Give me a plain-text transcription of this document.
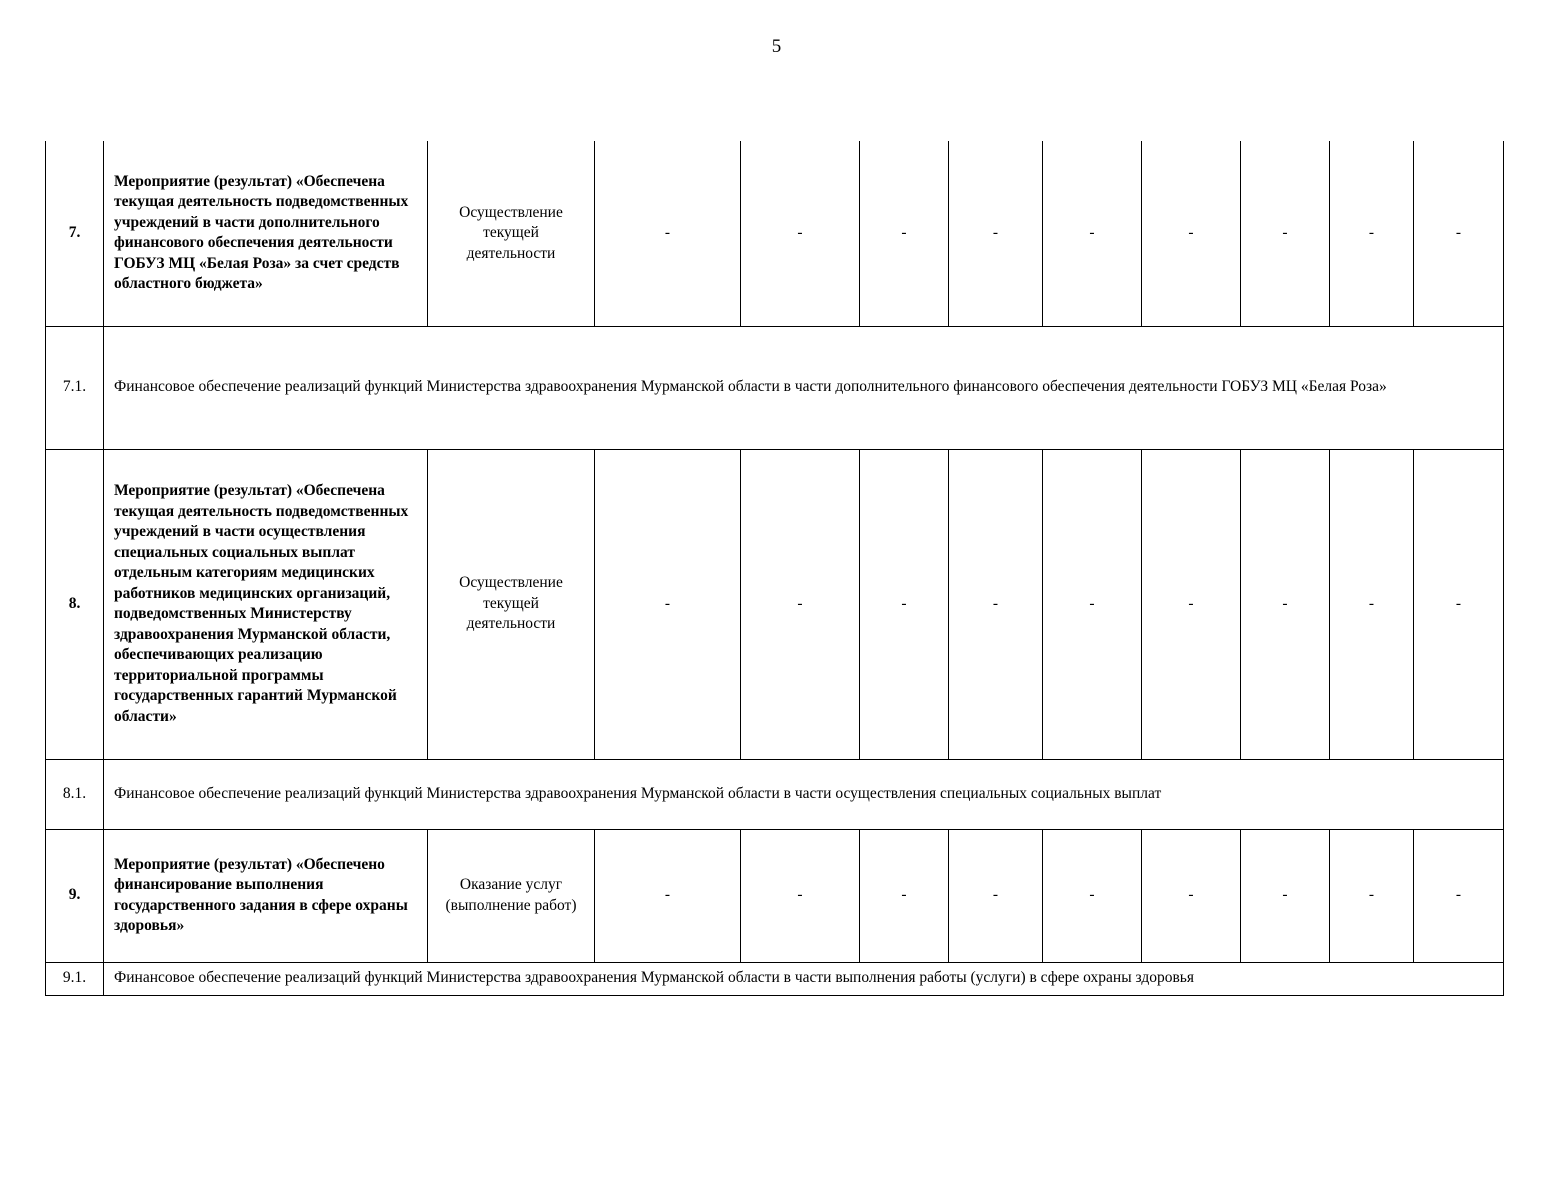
5
7.	Мероприятие (результат) «Обеспечена текущая деятельность подведомственных учреждений в части дополнительного финансового обеспечения деятельности ГОБУЗ МЦ «Белая Роза» за счет средств областного бюджета»	Осуществление текущей деятельности	-	-	-	-	-	-	-	-	-
7.1.	Финансовое обеспечение реализаций функций Министерства здравоохранения Мурманской области в части дополнительного финансового обеспечения деятельности ГОБУЗ МЦ «Белая Роза»										
8.	Мероприятие (результат) «Обеспечена текущая деятельность подведомственных учреждений в части осуществления специальных социальных выплат отдельным категориям медицинских работников медицинских организаций, подведомственных Министерству здравоохранения Мурманской области, обеспечивающих реализацию территориальной программы государственных гарантий Мурманской области»	Осуществление текущей деятельности	-	-	-	-	-	-	-	-	-
8.1.	Финансовое обеспечение реализаций функций Министерства здравоохранения Мурманской области в части осуществления специальных социальных выплат										
9.	Мероприятие (результат) «Обеспечено финансирование выполнения государственного задания в сфере охраны здоровья»	Оказание услуг (выполнение работ)	-	-	-	-	-	-	-	-	-
9.1.	Финансовое обеспечение реализаций функций Министерства здравоохранения Мурманской области в части выполнения работы (услуги) в сфере охраны здоровья										
